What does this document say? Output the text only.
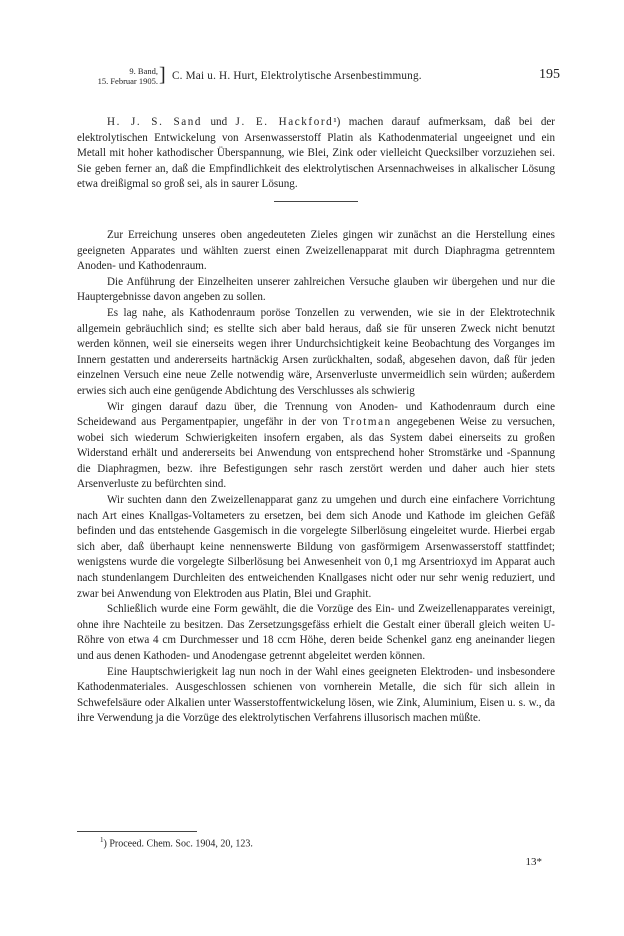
9. Band,
15. Februar 1905. ] C. Mai u. H. Hurt, Elektrolytische Arsenbestimmung.	195

H. J. S. Sand und J. E. Hackford¹) machen darauf aufmerksam, daß bei der elektrolytischen Entwickelung von Arsenwasserstoff Platin als Kathodenmaterial ungeeignet und ein Metall mit hoher kathodischer Überspannung, wie Blei, Zink oder vielleicht Quecksilber vorzuziehen sei. Sie geben ferner an, daß die Empfindlichkeit des elektrolytischen Arsennachweises in alkalischer Lösung etwa dreißigmal so groß sei, als in saurer Lösung.

Zur Erreichung unseres oben angedeuteten Zieles gingen wir zunächst an die Herstellung eines geeigneten Apparates und wählten zuerst einen Zweizellenapparat mit durch Diaphragma getrenntem Anoden- und Kathodenraum.

Die Anführung der Einzelheiten unserer zahlreichen Versuche glauben wir übergehen und nur die Hauptergebnisse davon angeben zu sollen.

Es lag nahe, als Kathodenraum poröse Tonzellen zu verwenden, wie sie in der Elektrotechnik allgemein gebräuchlich sind; es stellte sich aber bald heraus, daß sie für unseren Zweck nicht benutzt werden können, weil sie einerseits wegen ihrer Undurchsichtigkeit keine Beobachtung des Vorganges im Innern gestatten und andererseits hartnäckig Arsen zurückhalten, sodaß, abgesehen davon, daß für jeden einzelnen Versuch eine neue Zelle notwendig wäre, Arsenverluste unvermeidlich sein würden; außerdem erwies sich auch eine genügende Abdichtung des Verschlusses als schwierig

Wir gingen darauf dazu über, die Trennung von Anoden- und Kathodenraum durch eine Scheidewand aus Pergamentpapier, ungefähr in der von Trotman angegebenen Weise zu versuchen, wobei sich wiederum Schwierigkeiten insofern ergaben, als das System dabei einerseits zu großen Widerstand erhält und andererseits bei Anwendung von entsprechend hoher Stromstärke und -Spannung die Diaphragmen, bezw. ihre Befestigungen sehr rasch zerstört werden und daher auch hier stets Arsenverluste zu befürchten sind.

Wir suchten dann den Zweizellenapparat ganz zu umgehen und durch eine einfachere Vorrichtung nach Art eines Knallgas-Voltameters zu ersetzen, bei dem sich Anode und Kathode im gleichen Gefäß befinden und das entstehende Gasgemisch in die vorgelegte Silberlösung eingeleitet wurde. Hierbei ergab sich aber, daß überhaupt keine nennenswerte Bildung von gasförmigem Arsenwasserstoff stattfindet; wenigstens wurde die vorgelegte Silberlösung bei Anwesenheit von 0,1 mg Arsentrioxyd im Apparat auch nach stundenlangem Durchleiten des entweichenden Knallgases nicht oder nur sehr wenig reduziert, und zwar bei Anwendung von Elektroden aus Platin, Blei und Graphit.

Schließlich wurde eine Form gewählt, die die Vorzüge des Ein- und Zweizellenapparates vereinigt, ohne ihre Nachteile zu besitzen. Das Zersetzungsgefäss erhielt die Gestalt einer überall gleich weiten U-Röhre von etwa 4 cm Durchmesser und 18 ccm Höhe, deren beide Schenkel ganz eng aneinander liegen und aus denen Kathoden- und Anodengase getrennt abgeleitet werden können.

Eine Hauptschwierigkeit lag nun noch in der Wahl eines geeigneten Elektroden- und insbesondere Kathodenmateriales. Ausgeschlossen schienen von vornherein Metalle, die sich für sich allein in Schwefelsäure oder Alkalien unter Wasserstoffentwickelung lösen, wie Zink, Aluminium, Eisen u. s. w., da ihre Verwendung ja die Vorzüge des elektrolytischen Verfahrens illusorisch machen müßte.

$^1$) Proceed. Chem. Soc. 1904, 20, 123.
13*
